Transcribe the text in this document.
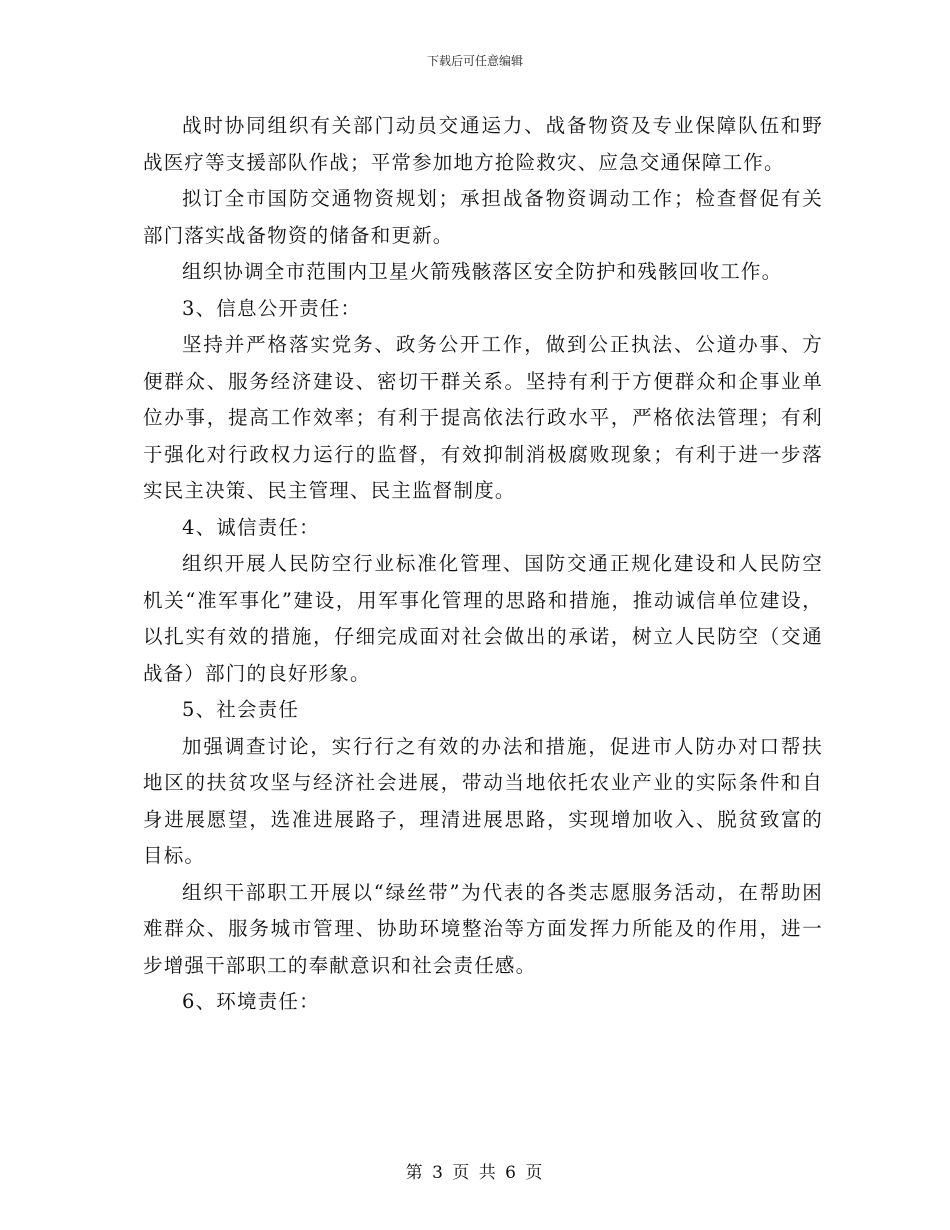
下载后可任意编辑

战时协同组织有关部门动员交通运力、战备物资及专业保障队伍和野战医疗等支援部队作战；平常参加地方抢险救灾、应急交通保障工作。

拟订全市国防交通物资规划；承担战备物资调动工作；检查督促有关部门落实战备物资的储备和更新。

组织协调全市范围内卫星火箭残骸落区安全防护和残骸回收工作。

3、信息公开责任：

坚持并严格落实党务、政务公开工作，做到公正执法、公道办事、方便群众、服务经济建设、密切干群关系。坚持有利于方便群众和企事业单位办事，提高工作效率；有利于提高依法行政水平，严格依法管理；有利于强化对行政权力运行的监督，有效抑制消极腐败现象；有利于进一步落实民主决策、民主管理、民主监督制度。

4、诚信责任：

组织开展人民防空行业标准化管理、国防交通正规化建设和人民防空机关“准军事化”建设，用军事化管理的思路和措施，推动诚信单位建设，以扎实有效的措施，仔细完成面对社会做出的承诺，树立人民防空（交通战备）部门的良好形象。

5、社会责任

加强调查讨论，实行行之有效的办法和措施，促进市人防办对口帮扶地区的扶贫攻坚与经济社会进展，带动当地依托农业产业的实际条件和自身进展愿望，选准进展路子，理清进展思路，实现增加收入、脱贫致富的目标。

组织干部职工开展以“绿丝带”为代表的各类志愿服务活动，在帮助困难群众、服务城市管理、协助环境整治等方面发挥力所能及的作用，进一步增强干部职工的奉献意识和社会责任感。

6、环境责任：

第 3 页 共 6 页
